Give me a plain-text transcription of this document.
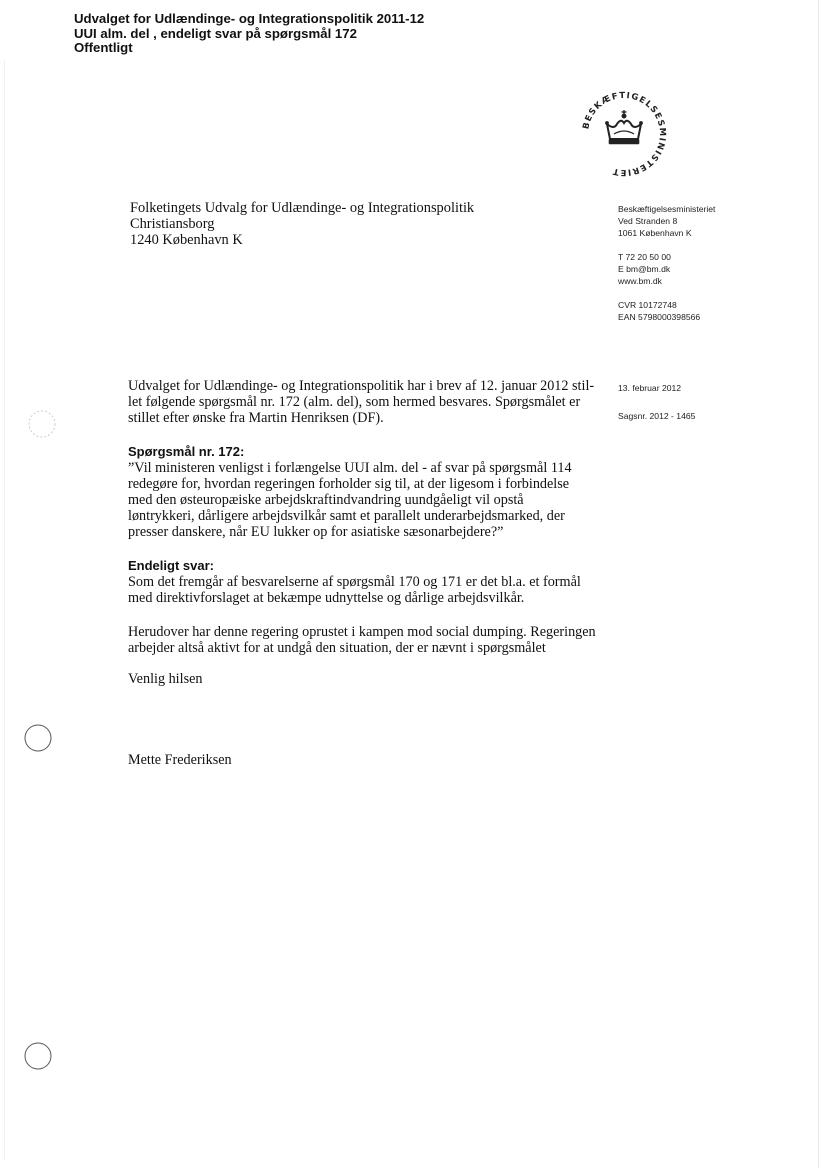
Udvalget for Udlændinge- og Integrationspolitik 2011-12
UUI alm. del , endeligt svar på spørgsmål 172
Offentligt
BESKÆFTIGELSESMINISTERIET
Folketingets Udvalg for Udlændinge- og Integrationspolitik
Christiansborg
1240 København K
Beskæftigelsesministeriet
Ved Stranden 8
1061 København K
T 72 20 50 00
E bm@bm.dk
www.bm.dk
CVR 10172748
EAN 5798000398566
13. februar 2012
Sagsnr. 2012 - 1465
Udvalget for Udlændinge- og Integrationspolitik har i brev af 12. januar 2012 stil-
let følgende spørgsmål nr. 172 (alm. del), som hermed besvares. Spørgsmålet er
stillet efter ønske fra Martin Henriksen (DF).
Spørgsmål nr. 172:
”Vil ministeren venligst i forlængelse UUI alm. del - af svar på spørgsmål 114
redegøre for, hvordan regeringen forholder sig til, at der ligesom i forbindelse
med den østeuropæiske arbejdskraftindvandring uundgåeligt vil opstå
løntrykkeri, dårligere arbejdsvilkår samt et parallelt underarbejdsmarked, der
presser danskere, når EU lukker op for asiatiske sæsonarbejdere?”
Endeligt svar:
Som det fremgår af besvarelserne af spørgsmål 170 og 171 er det bl.a. et formål
med direktivforslaget at bekæmpe udnyttelse og dårlige arbejdsvilkår.
Herudover har denne regering oprustet i kampen mod social dumping. Regeringen
arbejder altså aktivt for at undgå den situation, der er nævnt i spørgsmålet
Venlig hilsen
Mette Frederiksen
